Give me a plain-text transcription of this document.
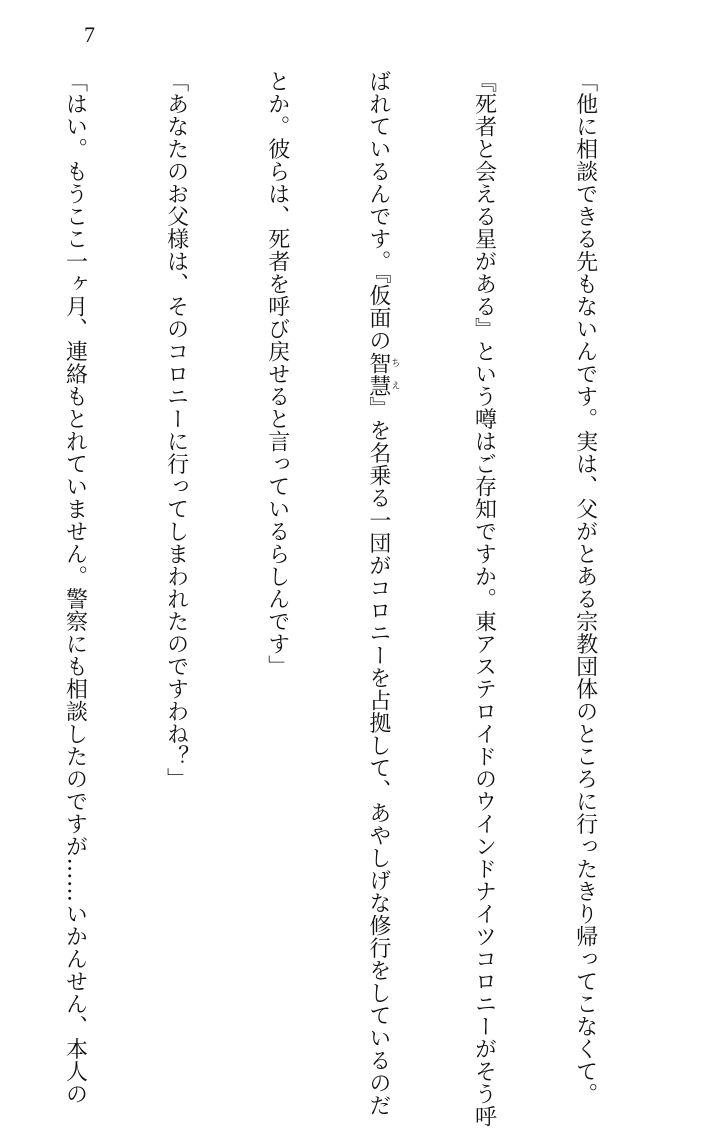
7

「他に相談できる先もないんです。実は、父がとある宗教団体のところに行ったきり帰ってこなくて。

『死者と会える星がある』という噂はご存知ですか。東アステロイドのウインドナイツコロニーがそう呼

ばれているんです。『仮面の智慧ちえ』を名乗る一団がコロニーを占拠して、あやしげな修行をしているのだ

とか。彼らは、死者を呼び戻せると言っているらしんです」

「あなたのお父様は、そのコロニーに行ってしまわれたのですわね？」

「はい。もうここ一ヶ月、連絡もとれていません。警察にも相談したのですが……いかんせん、本人の
